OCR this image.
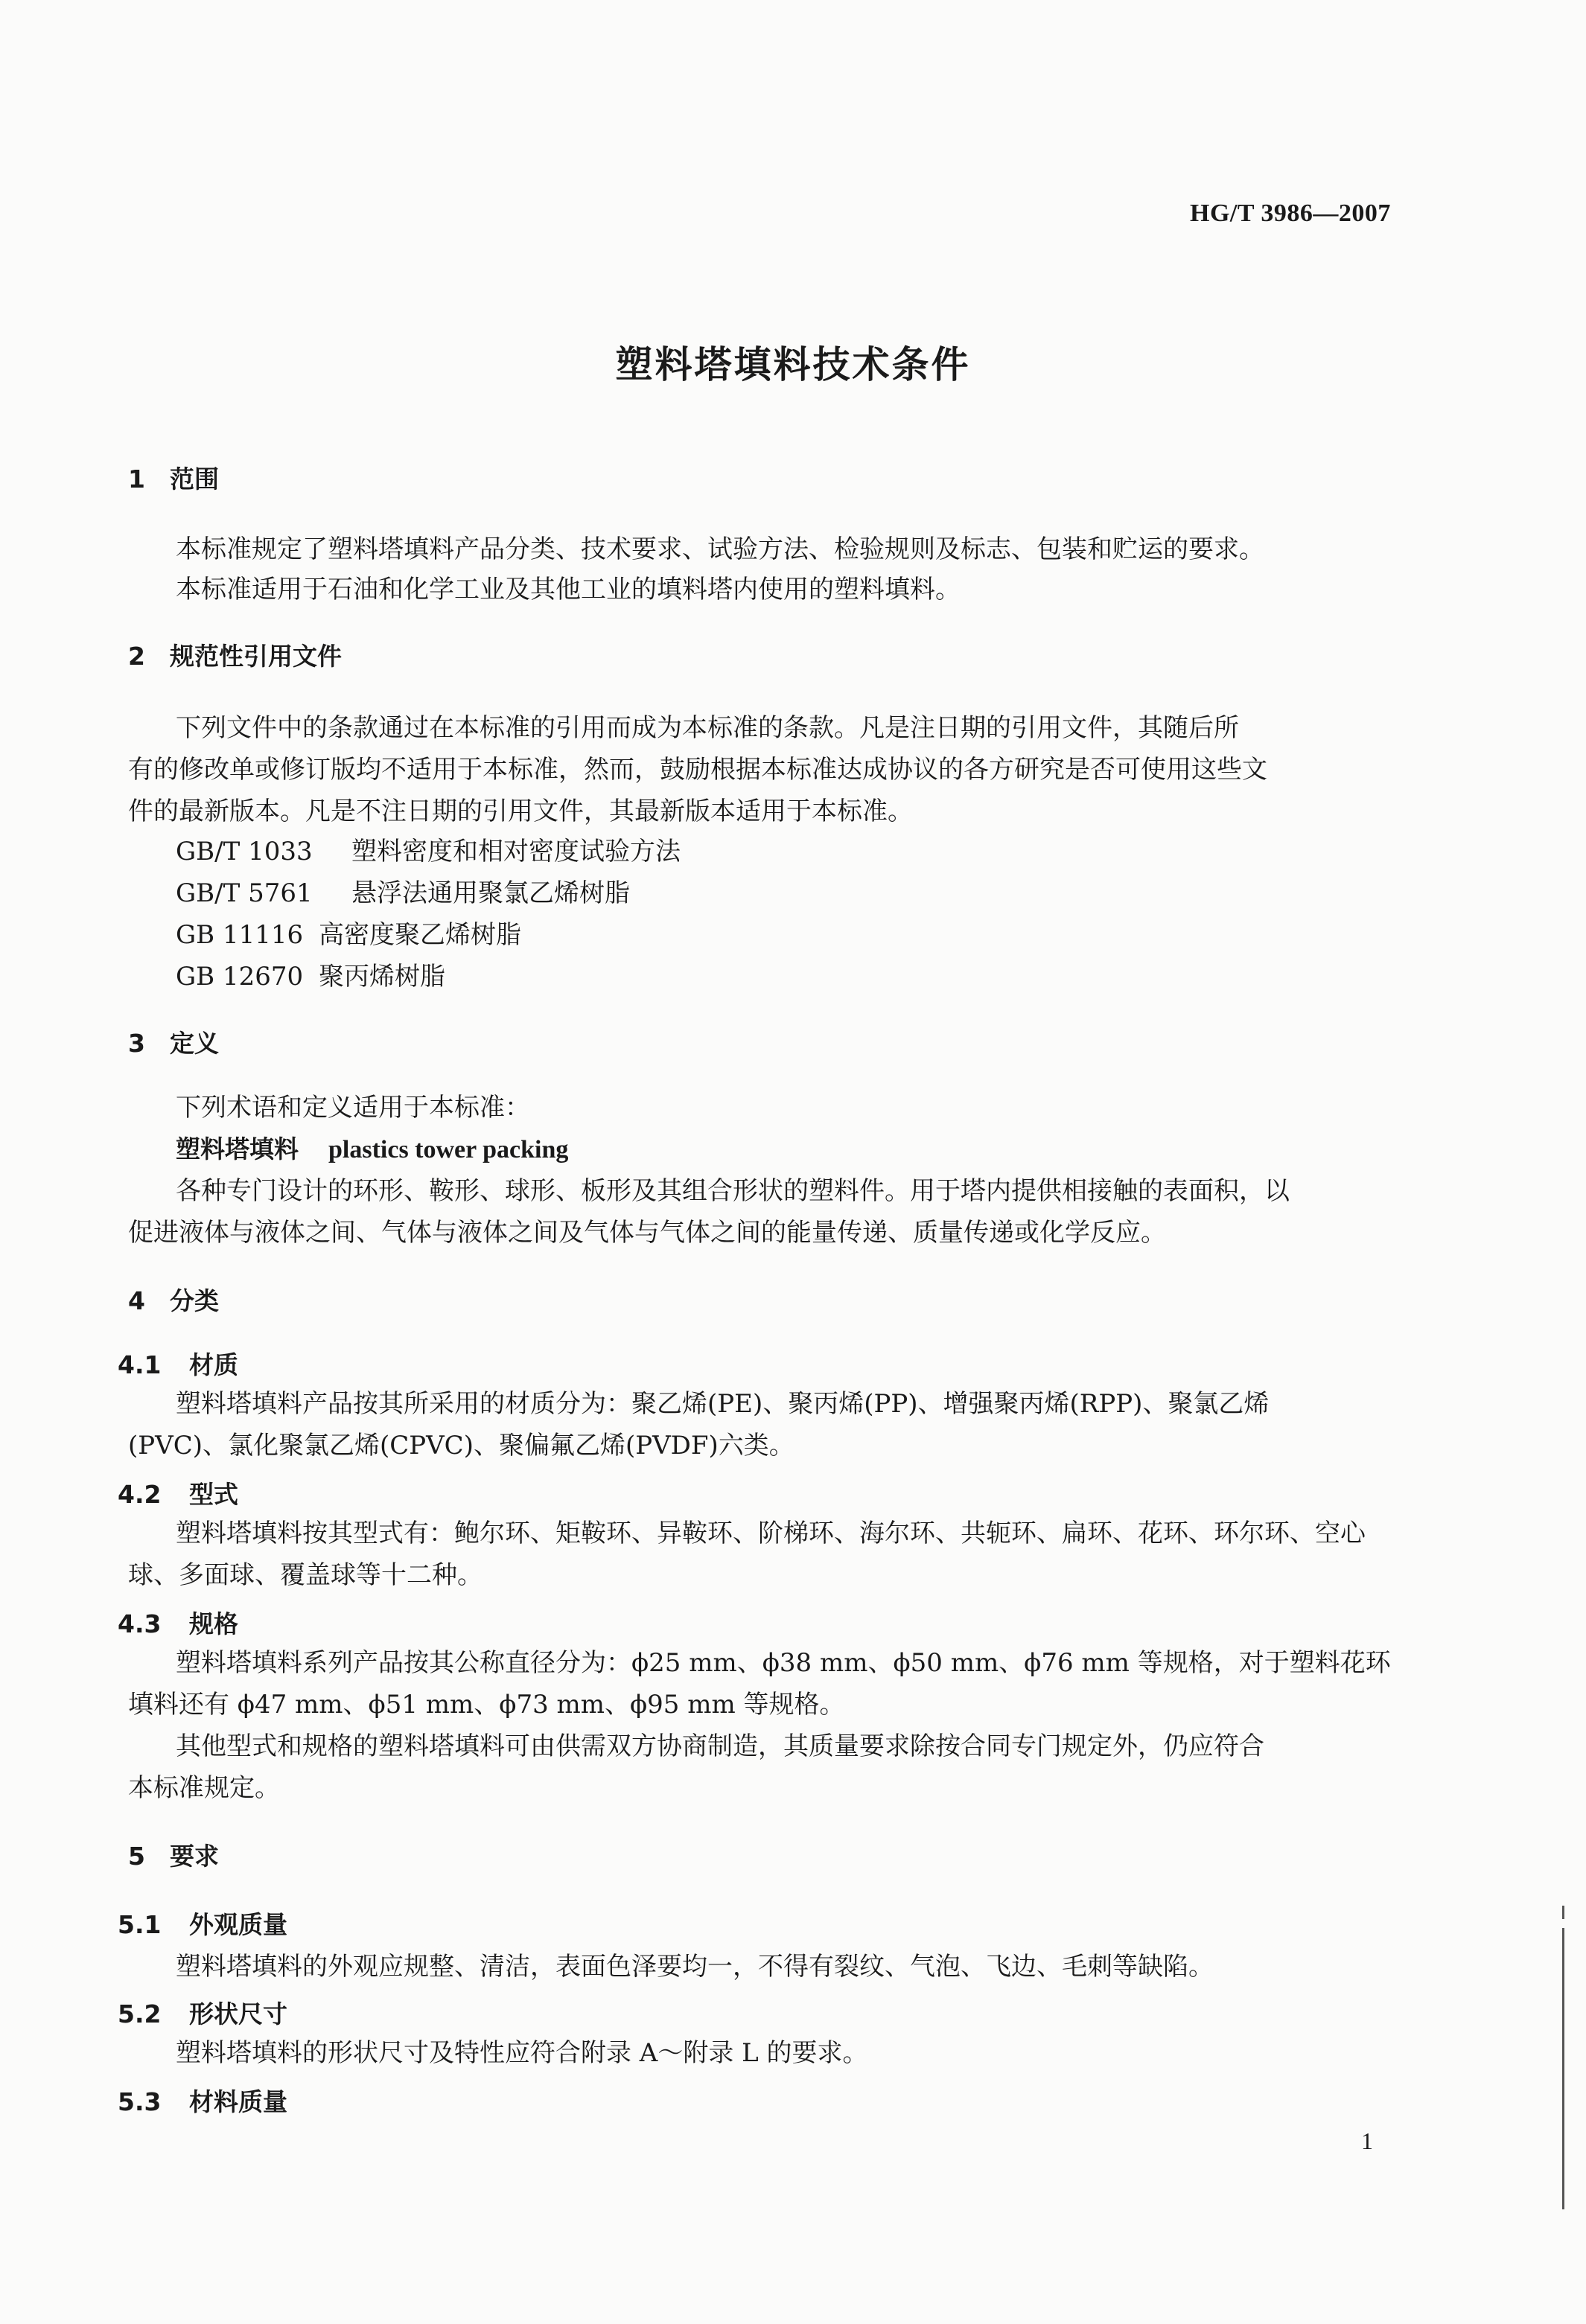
HG/T 3986—2007
塑料塔填料技术条件
1 范围
本标准规定了塑料塔填料产品分类、技术要求、试验方法、检验规则及标志、包装和贮运的要求。
本标准适用于石油和化学工业及其他工业的填料塔内使用的塑料填料。
2 规范性引用文件
下列文件中的条款通过在本标准的引用而成为本标准的条款。凡是注日期的引用文件，其随后所
有的修改单或修订版均不适用于本标准，然而，鼓励根据本标准达成协议的各方研究是否可使用这些文
件的最新版本。凡是不注日期的引用文件，其最新版本适用于本标准。
GB/T 1033 塑料密度和相对密度试验方法
GB/T 5761 悬浮法通用聚氯乙烯树脂
GB 11116 高密度聚乙烯树脂
GB 12670 聚丙烯树脂
3 定义
下列术语和定义适用于本标准：
塑料塔填料 plastics tower packing
各种专门设计的环形、鞍形、球形、板形及其组合形状的塑料件。用于塔内提供相接触的表面积，以
促进液体与液体之间、气体与液体之间及气体与气体之间的能量传递、质量传递或化学反应。
4 分类
4.1 材质
塑料塔填料产品按其所采用的材质分为：聚乙烯(PE)、聚丙烯(PP)、增强聚丙烯(RPP)、聚氯乙烯
(PVC)、氯化聚氯乙烯(CPVC)、聚偏氟乙烯(PVDF)六类。
4.2 型式
塑料塔填料按其型式有：鲍尔环、矩鞍环、异鞍环、阶梯环、海尔环、共轭环、扁环、花环、环尔环、空心
球、多面球、覆盖球等十二种。
4.3 规格
塑料塔填料系列产品按其公称直径分为：ϕ25 mm、ϕ38 mm、ϕ50 mm、ϕ76 mm 等规格，对于塑料花环
填料还有 ϕ47 mm、ϕ51 mm、ϕ73 mm、ϕ95 mm 等规格。
其他型式和规格的塑料塔填料可由供需双方协商制造，其质量要求除按合同专门规定外，仍应符合
本标准规定。
5 要求
5.1 外观质量
塑料塔填料的外观应规整、清洁，表面色泽要均一，不得有裂纹、气泡、飞边、毛刺等缺陷。
5.2 形状尺寸
塑料塔填料的形状尺寸及特性应符合附录 A～附录 L 的要求。
5.3 材料质量
1
